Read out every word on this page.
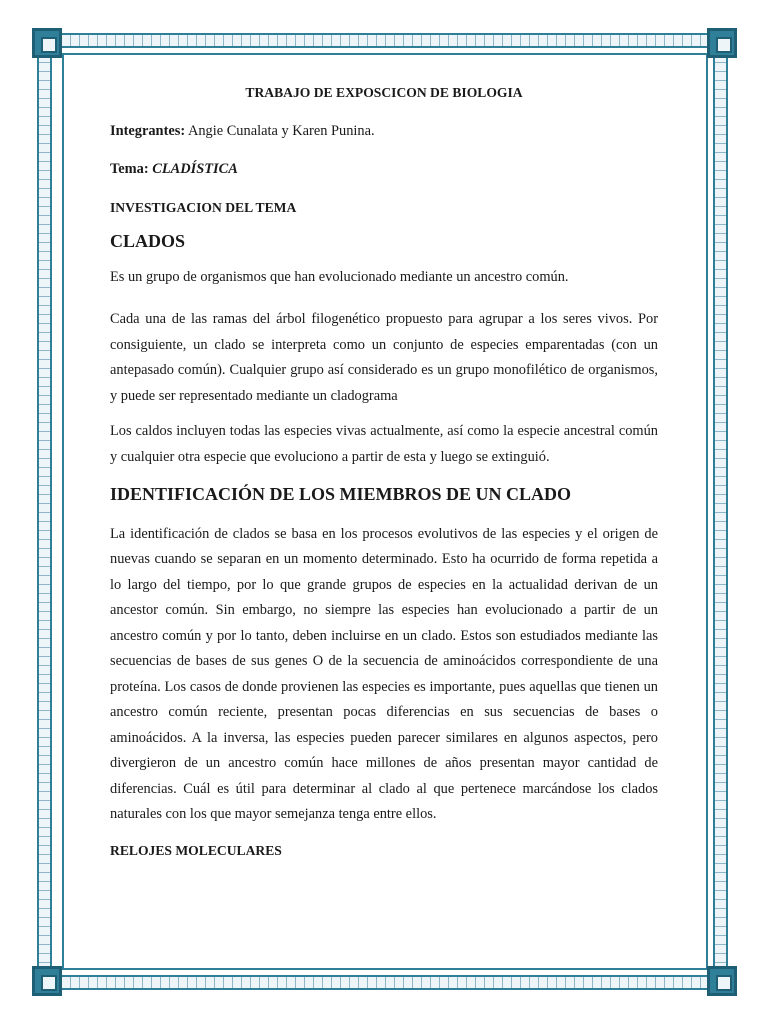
TRABAJO DE EXPOSCICON DE BIOLOGIA
Integrantes: Angie Cunalata y Karen Punina.
Tema: CLADÍSTICA
INVESTIGACION DEL TEMA
CLADOS
Es un grupo de organismos que han evolucionado mediante un ancestro común.
Cada una de las ramas del árbol filogenético propuesto para agrupar a los seres vivos. Por consiguiente, un clado se interpreta como un conjunto de especies emparentadas (con un antepasado común). Cualquier grupo así considerado es un grupo monofilético de organismos, y puede ser representado mediante un cladograma
Los caldos incluyen todas las especies vivas actualmente, así como la especie ancestral común y cualquier otra especie que evoluciono a partir de esta y luego se extinguió.
IDENTIFICACIÓN DE LOS MIEMBROS DE UN CLADO
La identificación de clados se basa en los procesos evolutivos de las especies y el origen de nuevas cuando se separan en un momento determinado. Esto ha ocurrido de forma repetida a lo largo del tiempo, por lo que grande grupos de especies en la actualidad derivan de un ancestor común. Sin embargo, no siempre las especies han evolucionado a partir de un ancestro común y por lo tanto, deben incluirse en un clado. Estos son estudiados mediante las secuencias de bases de sus genes O de la secuencia de aminoácidos correspondiente de una proteína. Los casos de donde provienen las especies es importante, pues aquellas que tienen un ancestro común reciente, presentan pocas diferencias en sus secuencias de bases o aminoácidos. A la inversa, las especies pueden parecer similares en algunos aspectos, pero divergieron de un ancestro común hace millones de años presentan mayor cantidad de diferencias. Cuál es útil para determinar al clado al que pertenece marcándose los clados naturales con los que mayor semejanza tenga entre ellos.
RELOJES MOLECULARES
